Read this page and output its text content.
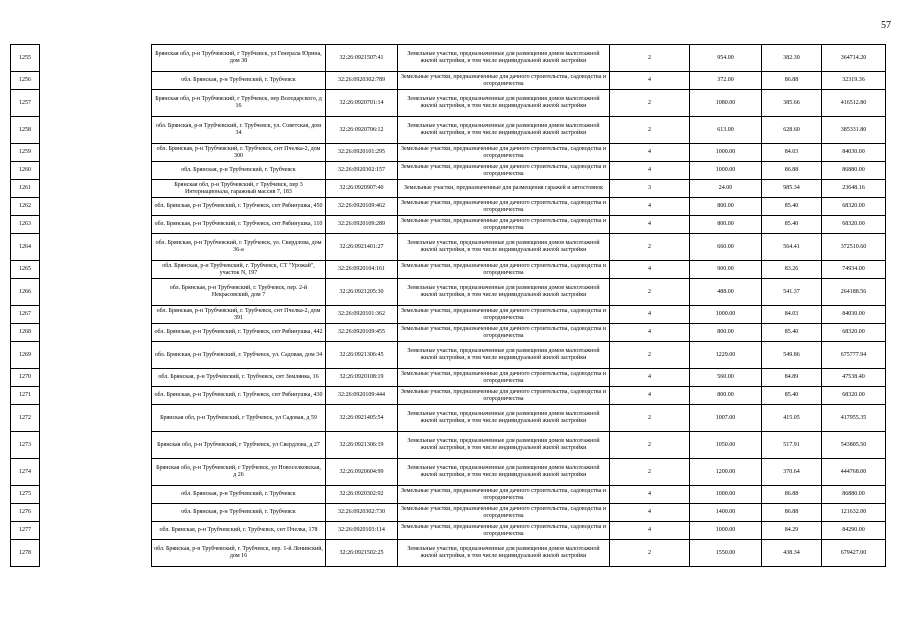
57
1255		Брянская обл, р-н Трубчевский, г Трубчевск, ул Генерала Юрина, дом 38	32:26:0921507:41	Земельные участки, предназначенные для размещения домов малоэтажной жилой застройки, в том числе индивидуальной жилой застройки	2	954.00	382.30	364714.20
1256		обл. Брянская, р-н Трубчевский, г. Трубчевск	32:26:0920302:789	Земельные участки, предназначенные для дачного строительства, садоводства и огородничества	4	372.00	86.88	32319.36
1257		Брянская обл, р-н Трубчевский, г Трубчевск, пер Володарского, д 16	32:26:0920701:14	Земельные участки, предназначенные для размещения домов малоэтажной жилой застройки, в том числе индивидуальной жилой застройки	2	1080.00	385.66	416512.80
1258		обл. Брянская, р-н Трубчевский, г. Трубчевск, ул. Советская, дом 34	32:26:0920706:12	Земельные участки, предназначенные для размещения домов малоэтажной жилой застройки, в том числе индивидуальной жилой застройки	2	613.00	628.60	385331.80
1259		обл. Брянская, р-н Трубчевский, г. Трубчевск, снт Пчелка-2, дом 300	32:26:0920101:295	Земельные участки, предназначенные для дачного строительства, садоводства и огородничества	4	1000.00	84.03	84030.00
1260		обл. Брянская, р-н Трубчевский, г. Трубчевск	32:26:0920302:157	Земельные участки, предназначенные для дачного строительства, садоводства и огородничества	4	1000.00	86.88	86880.00
1261		Брянская обл, р-н Трубчевский, г Трубчевск, пер 3 Интернационала, гаражный массив 7, 183	32:26:0920907:40	Земельные участки, предназначенные для размещения гаражей и автостоянок	3	24.00	985.34	23648.16
1262		обл. Брянская, р-н Трубчевский, г. Трубчевск, снт Рябинушка, 450	32:26:0920109:462	Земельные участки, предназначенные для дачного строительства, садоводства и огородничества	4	800.00	85.40	68320.00
1263		обл. Брянская, р-н Трубчевский, г. Трубчевск, снт Рябинушка, 110	32:26:0920109:289	Земельные участки, предназначенные для дачного строительства, садоводства и огородничества	4	800.00	85.40	68320.00
1264		обл. Брянская, р-н Трубчевский, г. Трубчевск, ул. Свердлова, дом 36-а	32:26:0921401:27	Земельные участки, предназначенные для размещения домов малоэтажной жилой застройки, в том числе индивидуальной жилой застройки	2	660.00	564.41	372510.60
1265		обл. Брянская, р-н Трубчевский, г. Трубчевск, СТ "Урожай", участок N, 197	32:26:0920104:161	Земельные участки, предназначенные для дачного строительства, садоводства и огородничества	4	900.00	83.26	74934.00
1266		обл. Брянская, р-н Трубчевский, г. Трубчевск, пер. 2-й Некрасовский, дом 7	32:26:0921205:30	Земельные участки, предназначенные для размещения домов малоэтажной жилой застройки, в том числе индивидуальной жилой застройки	2	488.00	541.37	264188.56
1267		обл. Брянская, р-н Трубчевский, г. Трубчевск, снт Пчелка-2, дом 391	32:26:0920101:362	Земельные участки, предназначенные для дачного строительства, садоводства и огородничества	4	1000.00	84.03	84030.00
1268		обл. Брянская, р-н Трубчевский, г. Трубчевск, снт Рябинушка, 442	32:26:0920109:455	Земельные участки, предназначенные для дачного строительства, садоводства и огородничества	4	800.00	85.40	68320.00
1269		обл. Брянская, р-н Трубчевский, г. Трубчевск, ул. Садовая, дом 34	32:26:0921306:45	Земельные участки, предназначенные для размещения домов малоэтажной жилой застройки, в том числе индивидуальной жилой застройки	2	1229.00	549.86	675777.94
1270		обл. Брянская, р-н Трубчевский, г. Трубчевск, снт Землянка, 16	32:26:0920108:19	Земельные участки, предназначенные для дачного строительства, садоводства и огородничества	4	560.00	84.89	47538.40
1271		обл. Брянская, р-н Трубчевский, г. Трубчевск, снт Рябинушка, 430	32:26:0920109:444	Земельные участки, предназначенные для дачного строительства, садоводства и огородничества	4	800.00	85.40	68320.00
1272		Брянская обл, р-н Трубчевский, г Трубчевск, ул Садовая, д 59	32:26:0921405:54	Земельные участки, предназначенные для размещения домов малоэтажной жилой застройки, в том числе индивидуальной жилой застройки	2	1007.00	415.05	417955.35
1273		Брянская обл, р-н Трубчевский, г Трубчевск, ул Свердлова, д 27	32:26:0921306:19	Земельные участки, предназначенные для размещения домов малоэтажной жилой застройки, в том числе индивидуальной жилой застройки	2	1050.00	517.91	543805.50
1274		Брянская обл, р-н Трубчевский, г Трубчевск, ул Новоселковская, д 26	32:26:0920604:99	Земельные участки, предназначенные для размещения домов малоэтажной жилой застройки, в том числе индивидуальной жилой застройки	2	1200.00	370.64	444768.00
1275		обл. Брянская, р-н Трубчевский, г. Трубчевск	32:26:0920302:92	Земельные участки, предназначенные для дачного строительства, садоводства и огородничества	4	1000.00	86.88	86880.00
1276		обл. Брянская, р-н Трубчевский, г. Трубчевск	32:26:0920302:730	Земельные участки, предназначенные для дачного строительства, садоводства и огородничества	4	1400.00	86.88	121632.00
1277		обл. Брянская, р-н Трубчевский, г. Трубчевск, снт Пчелка, 178	32:26:0920103:114	Земельные участки, предназначенные для дачного строительства, садоводства и огородничества	4	1000.00	84.29	84290.00
1278		обл. Брянская, р-н Трубчевский, г. Трубчевск, пер. 1-й Ленинский, дом 16	32:26:0921502:25	Земельные участки, предназначенные для размещения домов малоэтажной жилой застройки, в том числе индивидуальной жилой застройки	2	1550.00	438.34	679427.00
